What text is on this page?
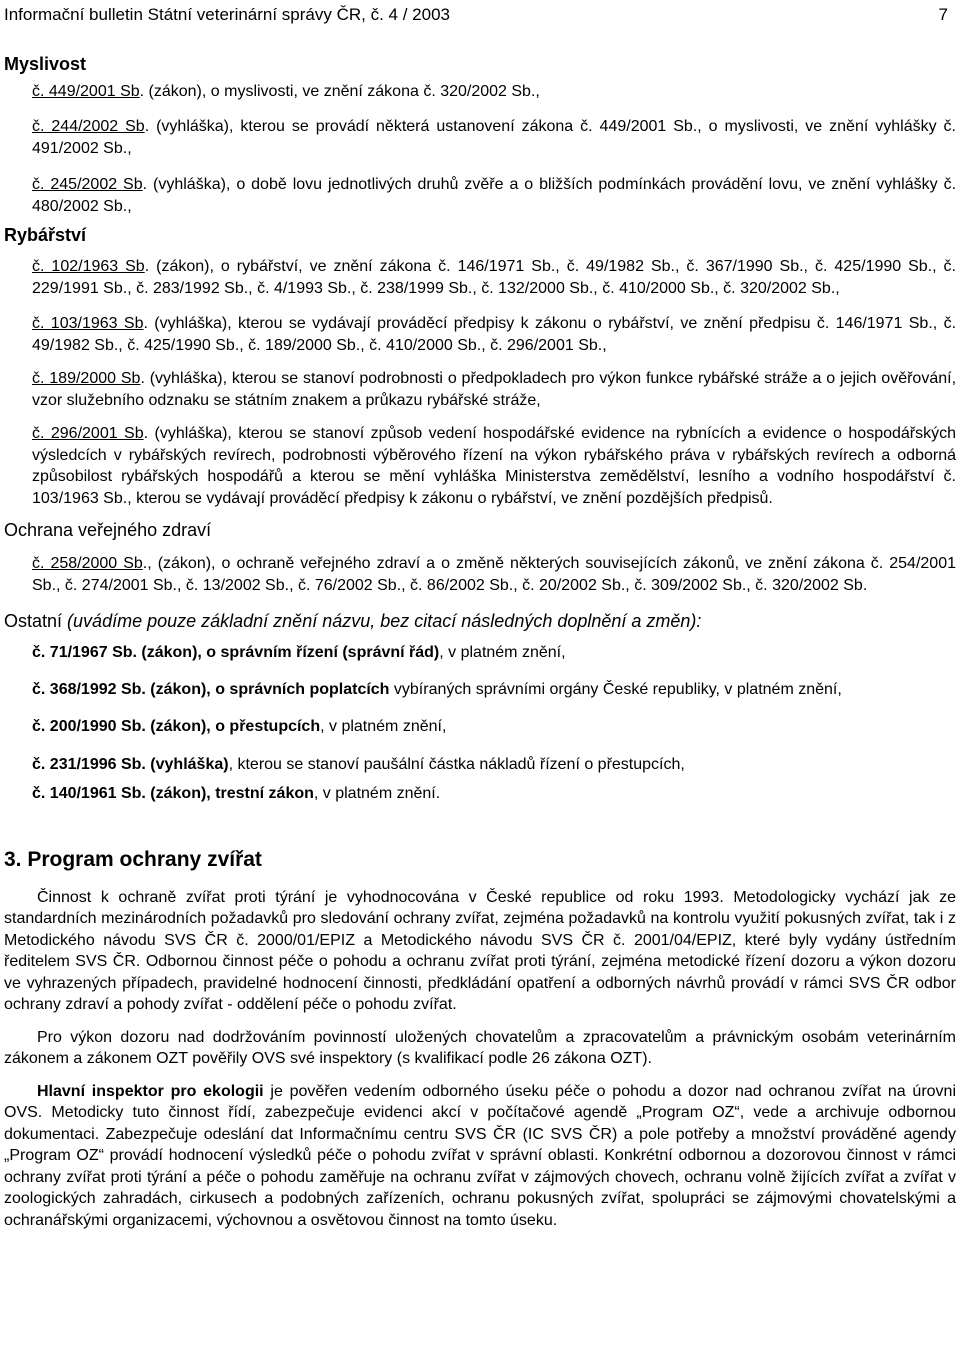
Informační bulletin Státní veterinární správy ČR, č. 4 / 2003	7
Myslivost

č. 449/2001 Sb. (zákon), o myslivosti, ve znění zákona č. 320/2002 Sb.,

č. 244/2002 Sb. (vyhláška), kterou se provádí některá ustanovení zákona č. 449/2001 Sb., o myslivosti, ve znění vyhlášky č. 491/2002 Sb.,

č. 245/2002 Sb. (vyhláška), o době lovu jednotlivých druhů zvěře a o bližších podmínkách provádění lovu, ve znění vyhlášky č. 480/2002 Sb.,

Rybářství

č. 102/1963 Sb. (zákon), o rybářství, ve znění zákona č. 146/1971 Sb., č. 49/1982 Sb., č. 367/1990 Sb., č. 425/1990 Sb., č. 229/1991 Sb., č. 283/1992 Sb., č. 4/1993 Sb., č. 238/1999 Sb., č. 132/2000 Sb., č. 410/2000 Sb., č. 320/2002 Sb.,

č. 103/1963 Sb. (vyhláška), kterou se vydávají prováděcí předpisy k zákonu o rybářství, ve znění předpisu č. 146/1971 Sb., č. 49/1982 Sb., č. 425/1990 Sb., č. 189/2000 Sb., č. 410/2000 Sb., č. 296/2001 Sb.,

č. 189/2000 Sb. (vyhláška), kterou se stanoví podrobnosti o předpokladech pro výkon funkce rybářské stráže a o jejich ověřování, vzor služebního odznaku se státním znakem a průkazu rybářské stráže,

č. 296/2001 Sb. (vyhláška), kterou se stanoví způsob vedení hospodářské evidence na rybnících a evidence o hospodářských výsledcích v rybářských revírech, podrobnosti výběrového řízení na výkon rybářského práva v rybářských revírech a odborná způsobilost rybářských hospodářů a kterou se mění vyhláška Ministerstva zemědělství, lesního a vodního hospodářství č. 103/1963 Sb., kterou se vydávají prováděcí předpisy k zákonu o rybářství, ve znění pozdějších předpisů.

Ochrana veřejného zdraví

č. 258/2000 Sb., (zákon), o ochraně veřejného zdraví a o změně některých souvisejících zákonů, ve znění zákona č. 254/2001 Sb., č. 274/2001 Sb., č. 13/2002 Sb., č. 76/2002 Sb., č. 86/2002 Sb., č. 20/2002 Sb., č. 309/2002 Sb., č. 320/2002 Sb.

Ostatní (uvádíme pouze základní znění názvu, bez citací následných doplnění a změn):

č. 71/1967 Sb. (zákon), o správním řízení (správní řád), v platném znění,

č. 368/1992 Sb. (zákon), o správních poplatcích vybíraných správními orgány České republiky, v platném znění,

č. 200/1990 Sb. (zákon), o přestupcích, v platném znění,

č. 231/1996 Sb. (vyhláška), kterou se stanoví paušální částka nákladů řízení o přestupcích,

č. 140/1961 Sb. (zákon), trestní zákon, v platném znění.

3. Program ochrany zvířat

Činnost k ochraně zvířat proti týrání je vyhodnocována v České republice od roku 1993. Metodologicky vychází jak ze standardních mezinárodních požadavků pro sledování ochrany zvířat, zejména požadavků na kontrolu využití pokusných zvířat, tak i z Metodického návodu SVS ČR č. 2000/01/EPIZ a Metodického návodu SVS ČR č. 2001/04/EPIZ, které byly vydány ústředním ředitelem SVS ČR. Odbornou činnost péče o pohodu a ochranu zvířat proti týrání, zejména metodické řízení dozoru a výkon dozoru ve vyhrazených případech, pravidelné hodnocení činnosti, předkládání opatření a odborných návrhů provádí v rámci SVS ČR odbor ochrany zdraví a pohody zvířat - oddělení péče o pohodu zvířat.

Pro výkon dozoru nad dodržováním povinností uložených chovatelům a zpracovatelům a právnickým osobám veterinárním zákonem a zákonem OZT pověřily OVS své inspektory (s kvalifikací podle 26 zákona OZT).

Hlavní inspektor pro ekologii je pověřen vedením odborného úseku péče o pohodu a dozor nad ochranou zvířat na úrovni OVS. Metodicky tuto činnost řídí, zabezpečuje evidenci akcí v počítačové agendě „Program OZ“, vede a archivuje odbornou dokumentaci. Zabezpečuje odeslání dat Informačnímu centru SVS ČR (IC SVS ČR) a pole potřeby a množství prováděné agendy „Program OZ“ provádí hodnocení výsledků péče o pohodu zvířat v správní oblasti. Konkrétní odbornou a dozorovou činnost v rámci ochrany zvířat proti týrání a péče o pohodu zaměřuje na ochranu zvířat v zájmových chovech, ochranu volně žijících zvířat a zvířat v zoologických zahradách, cirkusech a podobných zařízeních, ochranu pokusných zvířat, spolupráci se zájmovými chovatelskými a ochranářskými organizacemi, výchovnou a osvětovou činnost na tomto úseku.
